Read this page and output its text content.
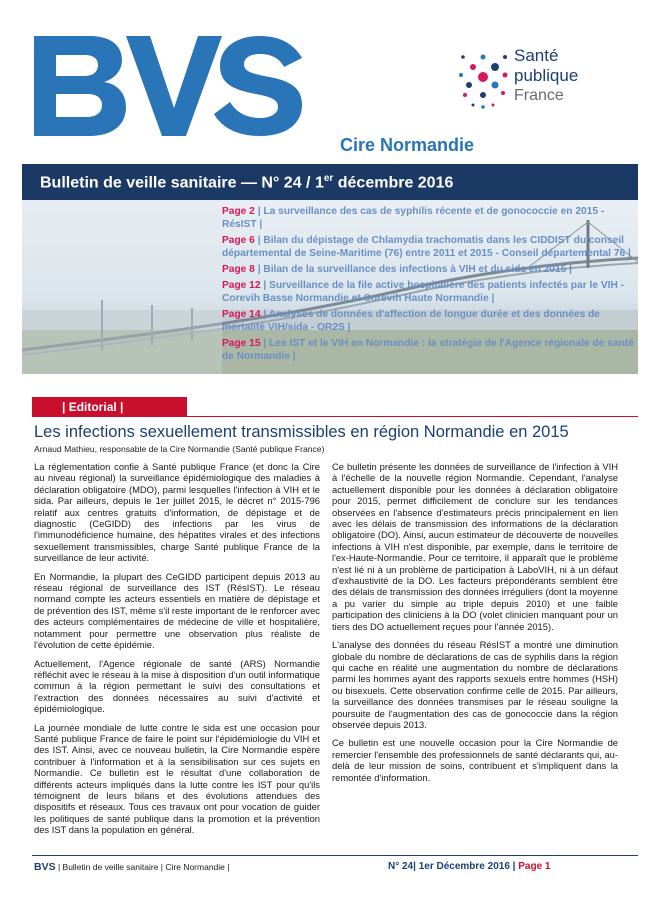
Cire Normandie
Santé
publique
France
Bulletin de veille sanitaire — N° 24 / 1er décembre 2016
Page 2 | La surveillance des cas de syphilis récente et de gonococcie en 2015 - RésIST |
Page 6 | Bilan du dépistage de Chlamydia trachomatis dans les CIDDIST du conseil départemental de Seine-Maritime (76) entre 2011 et 2015 - Conseil départemental 76 |
Page 8 | Bilan de la surveillance des infections à VIH et du sida en 2015 |
Page 12 | Surveillance de la file active hospitalière des patients infectés par le VIH - Corevih Basse Normandie et Corevih Haute Normandie |
Page 14 | Analyses de données d'affection de longue durée et des données de mortalité VIH/sida - OR2S |
Page 15 | Les IST et le VIH en Normandie : la stratégie de l'Agence régionale de santé de Normandie |
| Editorial |
Les infections sexuellement transmissibles en région Normandie en 2015
Arnaud Mathieu, responsable de la Cire Normandie (Santé publique France)

La réglementation confie à Santé publique France (et donc la Cire au niveau régional) la surveillance épidémiologique des maladies à déclaration obligatoire (MDO), parmi lesquelles l'infection à VIH et le sida. Par ailleurs, depuis le 1er juillet 2015, le décret n° 2015-796 relatif aux centres gratuits d'information, de dépistage et de diagnostic (CeGIDD) des infections par les virus de l'immunodéficience humaine, des hépatites virales et des infections sexuellement transmissibles, charge Santé publique France de la surveillance de leur activité.

En Normandie, la plupart des CeGIDD participent depuis 2013 au réseau régional de surveillance des IST (RésIST). Le réseau normand compte les acteurs essentiels en matière de dépistage et de prévention des IST, même s'il reste important de le renforcer avec des acteurs complémentaires de médecine de ville et hospitalière, notamment pour permettre une observation plus réaliste de l'évolution de cette épidémie.

Actuellement, l'Agence régionale de santé (ARS) Normandie réfléchit avec le réseau à la mise à disposition d'un outil informatique commun à la région permettant le suivi des consultations et l'extraction des données nécessaires au suivi d'activité et épidémiologique.

La journée mondiale de lutte contre le sida est une occasion pour Santé publique France de faire le point sur l'épidémiologie du VIH et des IST. Ainsi, avec ce nouveau bulletin, la Cire Normandie espère contribuer à l'information et à la sensibilisation sur ces sujets en Normandie. Ce bulletin est le résultat d'une collaboration de différents acteurs impliqués dans la lutte contre les IST pour qu'ils témoignent de leurs bilans et des évolutions attendues des dispositifs et réseaux. Tous ces travaux ont pour vocation de guider les politiques de santé publique dans la promotion et la prévention des IST dans la population en général.

Ce bulletin présente les données de surveillance de l'infection à VIH à l'échelle de la nouvelle région Normandie. Cependant, l'analyse actuellement disponible pour les données à déclaration obligatoire pour 2015, permet difficilement de conclure sur les tendances observées en l'absence d'estimateurs précis principalement en lien avec les délais de transmission des informations de la déclaration obligatoire (DO). Ainsi, aucun estimateur de découverte de nouvelles infections à VIH n'est disponible, par exemple, dans le territoire de l'ex-Haute-Normandie. Pour ce territoire, il apparaît que le problème n'est lié ni à un problème de participation à LaboVIH, ni à un défaut d'exhaustivité de la DO. Les facteurs prépondérants semblent être des délais de transmission des données irréguliers (dont la moyenne a pu varier du simple au triple depuis 2010) et une faible participation des cliniciens à la DO (volet clinicien manquant pour un tiers des DO actuellement reçues pour l'année 2015).

L'analyse des données du réseau RésIST a montré une diminution globale du nombre de déclarations de cas de syphilis dans la région qui cache en réalité une augmentation du nombre de déclarations parmi les hommes ayant des rapports sexuels entre hommes (HSH) ou bisexuels. Cette observation confirme celle de 2015. Par ailleurs, la surveillance des données transmises par le réseau souligne la poursuite de l'augmentation des cas de gonococcie dans la région observée depuis 2013.

Ce bulletin est une nouvelle occasion pour la Cire Normandie de remercier l'ensemble des professionnels de santé déclarants qui, au-delà de leur mission de soins, contribuent et s'impliquent dans la remontée d'information.

BVS | Bulletin de veille sanitaire | Cire Normandie |	N° 24| 1er Décembre 2016 | Page 1
